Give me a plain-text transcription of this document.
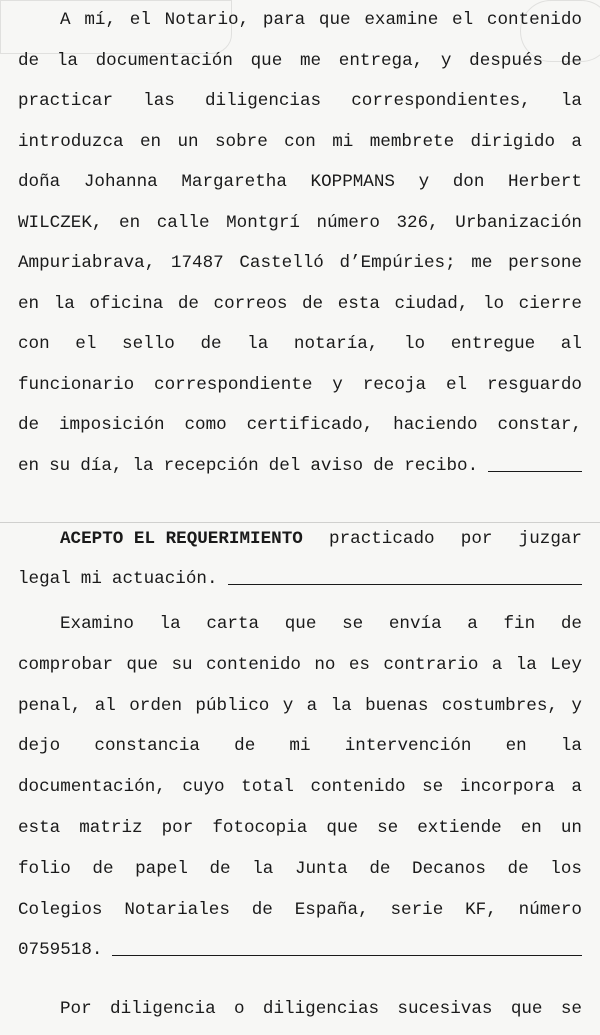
A mí, el Notario, para que examine el contenido
de la documentación que me entrega, y después de
practicar las diligencias correspondientes, la
introduzca en un sobre con mi membrete dirigido a
doña Johanna Margaretha KOPPMANS y don Herbert
WILCZEK, en calle Montgrí número 326, Urbanización
Ampuriabrava, 17487 Castelló d’Empúries; me persone
en la oficina de correos de esta ciudad, lo cierre
con el sello de la notaría, lo entregue al
funcionario correspondiente y recoja el resguardo
de imposición como certificado, haciendo constar,
en su día, la recepción del aviso de recibo.
ACEPTO EL REQUERIMIENTO practicado por juzgar
legal mi actuación.
Examino la carta que se envía a fin de
comprobar que su contenido no es contrario a la Ley
penal, al orden público y a la buenas costumbres, y
dejo constancia de mi intervención en la
documentación, cuyo total contenido se incorpora a
esta matriz por fotocopia que se extiende en un
folio de papel de la Junta de Decanos de los
Colegios Notariales de España, serie KF, número
0759518.
Por diligencia o diligencias sucesivas que se
